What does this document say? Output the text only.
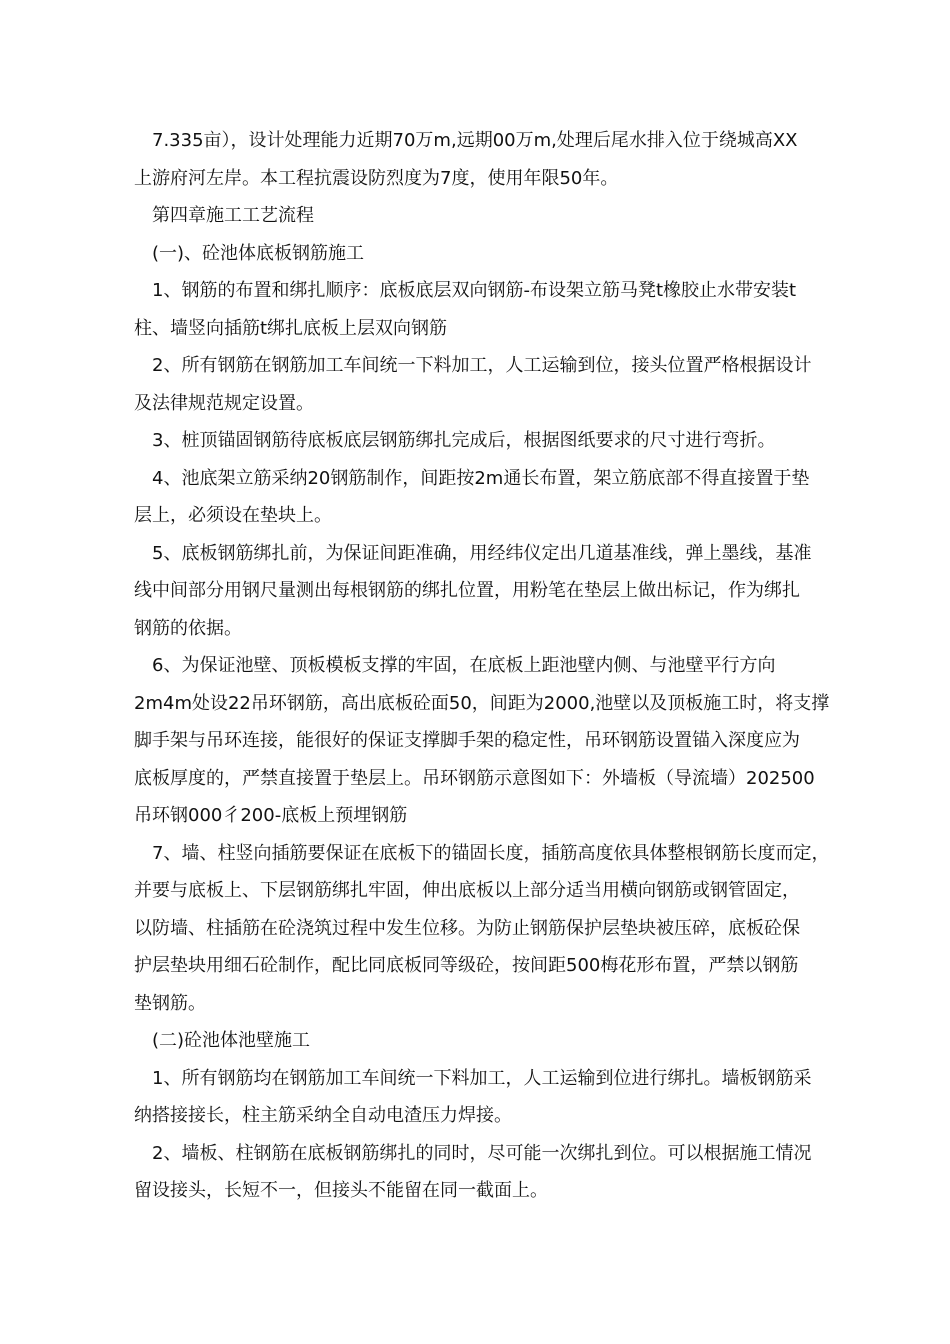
7.335亩），设计处理能力近期70万m,远期00万m,处理后尾水排入位于绕城高XX
上游府河左岸。本工程抗震设防烈度为7度，使用年限50年。
第四章施工工艺流程
(一)、砼池体底板钢筋施工
1、钢筋的布置和绑扎顺序：底板底层双向钢筋-布设架立筋马凳t橡胶止水带安装t
柱、墙竖向插筋t绑扎底板上层双向钢筋
2、所有钢筋在钢筋加工车间统一下料加工，人工运输到位，接头位置严格根据设计
及法律规范规定设置。
3、桩顶锚固钢筋待底板底层钢筋绑扎完成后，根据图纸要求的尺寸进行弯折。
4、池底架立筋采纳20钢筋制作，间距按2m通长布置，架立筋底部不得直接置于垫
层上，必须设在垫块上。
5、底板钢筋绑扎前，为保证间距准确，用经纬仪定出几道基准线，弹上墨线，基准
线中间部分用钢尺量测出每根钢筋的绑扎位置，用粉笔在垫层上做出标记，作为绑扎
钢筋的依据。
6、为保证池壁、顶板模板支撑的牢固，在底板上距池壁内侧、与池壁平行方向
2m4m处设22吊环钢筋，高出底板砼面50，间距为2000,池壁以及顶板施工时，将支撑
脚手架与吊环连接，能很好的保证支撑脚手架的稳定性，吊环钢筋设置锚入深度应为
底板厚度的，严禁直接置于垫层上。吊环钢筋示意图如下：外墙板（导流墙）202500
吊环钢000彳200-底板上预埋钢筋
7、墙、柱竖向插筋要保证在底板下的锚固长度，插筋高度依具体整根钢筋长度而定，
并要与底板上、下层钢筋绑扎牢固，伸出底板以上部分适当用横向钢筋或钢管固定，
以防墙、柱插筋在砼浇筑过程中发生位移。为防止钢筋保护层垫块被压碎，底板砼保
护层垫块用细石砼制作，配比同底板同等级砼，按间距500梅花形布置，严禁以钢筋
垫钢筋。
(二)砼池体池壁施工
1、所有钢筋均在钢筋加工车间统一下料加工，人工运输到位进行绑扎。墙板钢筋采
纳搭接接长，柱主筋采纳全自动电渣压力焊接。
2、墙板、柱钢筋在底板钢筋绑扎的同时，尽可能一次绑扎到位。可以根据施工情况
留设接头，长短不一，但接头不能留在同一截面上。
